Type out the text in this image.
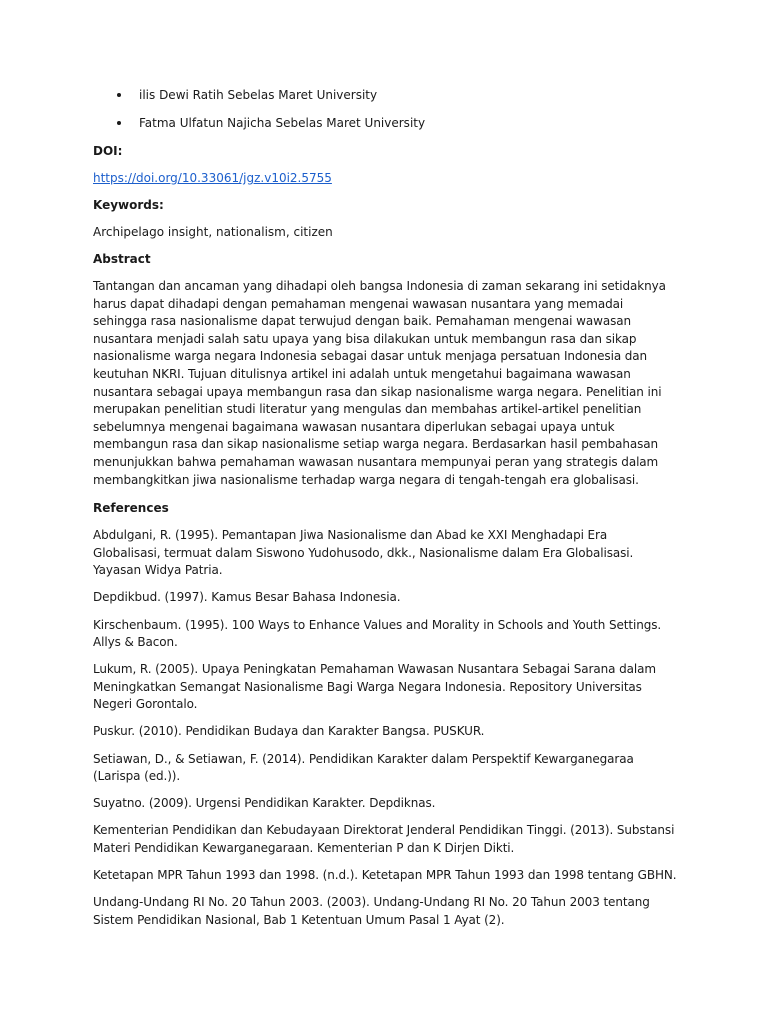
ilis Dewi Ratih Sebelas Maret University
Fatma Ulfatun Najicha Sebelas Maret University
DOI:
https://doi.org/10.33061/jgz.v10i2.5755
Keywords:
Archipelago insight, nationalism, citizen
Abstract
Tantangan dan ancaman yang dihadapi oleh bangsa Indonesia di zaman sekarang ini setidaknya harus dapat dihadapi dengan pemahaman mengenai wawasan nusantara yang memadai sehingga rasa nasionalisme dapat terwujud dengan baik. Pemahaman mengenai wawasan nusantara menjadi salah satu upaya yang bisa dilakukan untuk membangun rasa dan sikap nasionalisme warga negara Indonesia sebagai dasar untuk menjaga persatuan Indonesia dan keutuhan NKRI. Tujuan ditulisnya artikel ini adalah untuk mengetahui bagaimana wawasan nusantara sebagai upaya membangun rasa dan sikap nasionalisme warga negara. Penelitian ini merupakan penelitian studi literatur yang mengulas dan membahas artikel-artikel penelitian sebelumnya mengenai bagaimana wawasan nusantara diperlukan sebagai upaya untuk membangun rasa dan sikap nasionalisme setiap warga negara. Berdasarkan hasil pembahasan menunjukkan bahwa pemahaman wawasan nusantara mempunyai peran yang strategis dalam membangkitkan jiwa nasionalisme terhadap warga negara di tengah-tengah era globalisasi.
References
Abdulgani, R. (1995). Pemantapan Jiwa Nasionalisme dan Abad ke XXI Menghadapi Era Globalisasi, termuat dalam Siswono Yudohusodo, dkk., Nasionalisme dalam Era Globalisasi. Yayasan Widya Patria.
Depdikbud. (1997). Kamus Besar Bahasa Indonesia.
Kirschenbaum. (1995). 100 Ways to Enhance Values and Morality in Schools and Youth Settings. Allys & Bacon.
Lukum, R. (2005). Upaya Peningkatan Pemahaman Wawasan Nusantara Sebagai Sarana dalam Meningkatkan Semangat Nasionalisme Bagi Warga Negara Indonesia. Repository Universitas Negeri Gorontalo.
Puskur. (2010). Pendidikan Budaya dan Karakter Bangsa. PUSKUR.
Setiawan, D., & Setiawan, F. (2014). Pendidikan Karakter dalam Perspektif Kewarganegaraa (Larispa (ed.)).
Suyatno. (2009). Urgensi Pendidikan Karakter. Depdiknas.
Kementerian Pendidikan dan Kebudayaan Direktorat Jenderal Pendidikan Tinggi. (2013). Substansi Materi Pendidikan Kewarganegaraan. Kementerian P dan K Dirjen Dikti.
Ketetapan MPR Tahun 1993 dan 1998. (n.d.). Ketetapan MPR Tahun 1993 dan 1998 tentang GBHN.
Undang-Undang RI No. 20 Tahun 2003. (2003). Undang-Undang RI No. 20 Tahun 2003 tentang Sistem Pendidikan Nasional, Bab 1 Ketentuan Umum Pasal 1 Ayat (2).
